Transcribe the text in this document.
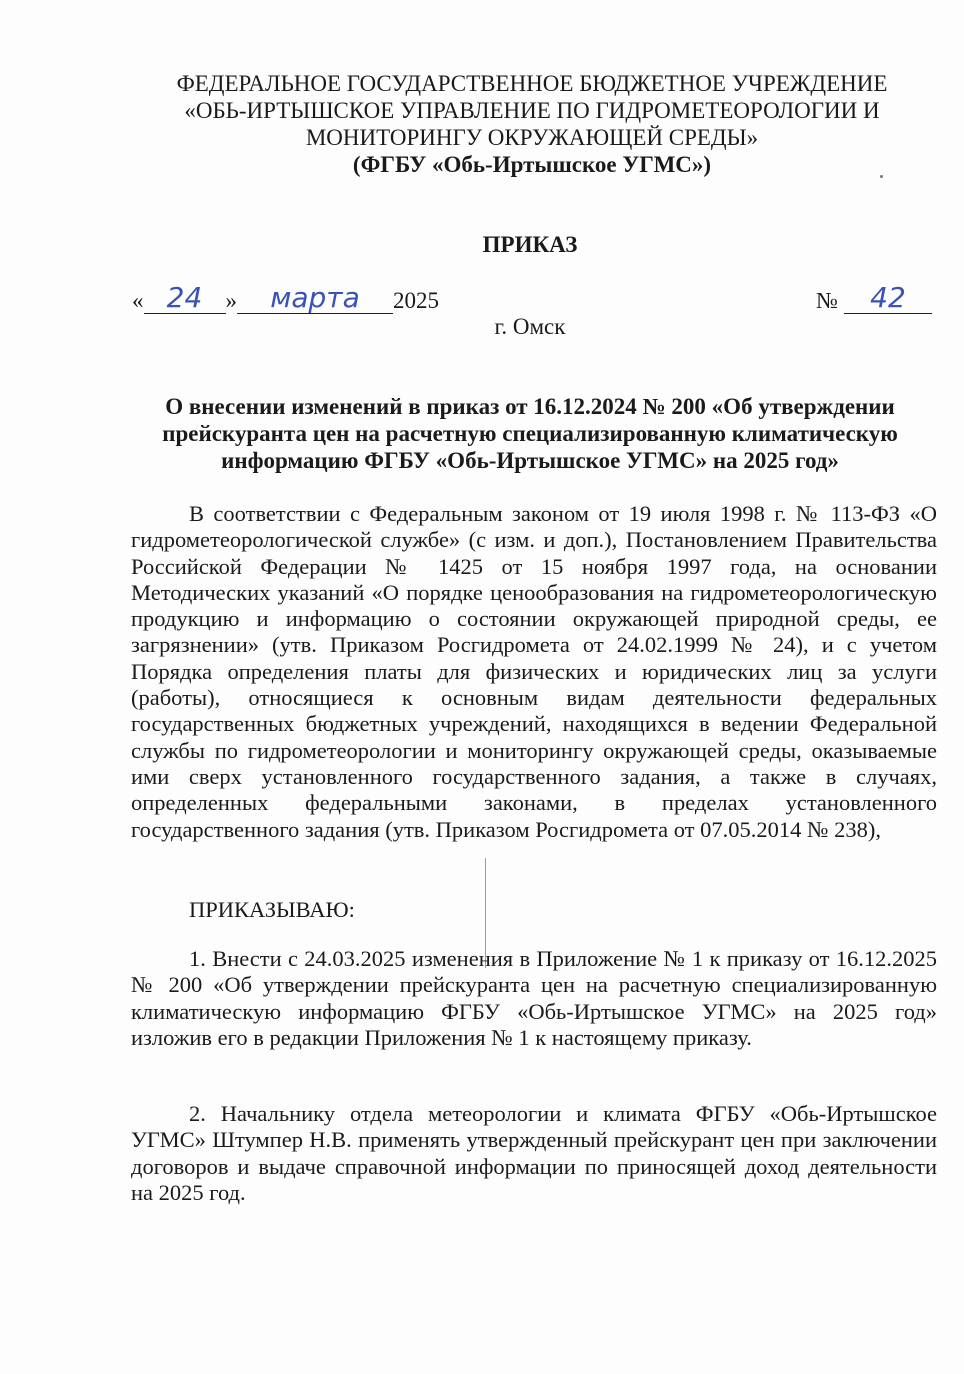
ФЕДЕРАЛЬНОЕ ГОСУДАРСТВЕННОЕ БЮДЖЕТНОЕ УЧРЕЖДЕНИЕ
«ОБЬ-ИРТЫШСКОЕ УПРАВЛЕНИЕ ПО ГИДРОМЕТЕОРОЛОГИИ И
МОНИТОРИНГУ ОКРУЖАЮЩЕЙ СРЕДЫ»
(ФГБУ «Обь-Иртышское УГМС»)
ПРИКАЗ
« 24	»	марта	2025	№	42
г. Омск
О внесении изменений в приказ от 16.12.2024 № 200 «Об утверждении
прейскуранта цен на расчетную специализированную климатическую
информацию ФГБУ «Обь-Иртышское УГМС» на 2025 год»

В соответствии с Федеральным законом от 19 июля 1998 г. № 113-ФЗ «О гидрометеорологической службе» (с изм. и доп.), Постановлением Правительства Российской Федерации № 1425 от 15 ноября 1997 года, на основании Методических указаний «О порядке ценообразования на гидрометеорологическую продукцию и информацию о состоянии окружающей природной среды, ее загрязнении» (утв. Приказом Росгидромета от 24.02.1999 № 24), и с учетом Порядка определения платы для физических и юридических лиц за услуги (работы), относящиеся к основным видам деятельности федеральных государственных бюджетных учреждений, находящихся в ведении Федеральной службы по гидрометеорологии и мониторингу окружающей среды, оказываемые ими сверх установленного государственного задания, а также в случаях, определенных федеральными законами, в пределах установленного государственного задания (утв. Приказом Росгидромета от 07.05.2014 № 238),

ПРИКАЗЫВАЮ:

1. Внести с 24.03.2025 изменения в Приложение № 1 к приказу от 16.12.2025 № 200 «Об утверждении прейскуранта цен на расчетную специализированную климатическую информацию ФГБУ «Обь-Иртышское УГМС» на 2025 год» изложив его в редакции Приложения № 1 к настоящему приказу.

2. Начальнику отдела метеорологии и климата ФГБУ «Обь-Иртышское УГМС» Штумпер Н.В. применять утвержденный прейскурант цен при заключении договоров и выдаче справочной информации по приносящей доход деятельности на 2025 год.
